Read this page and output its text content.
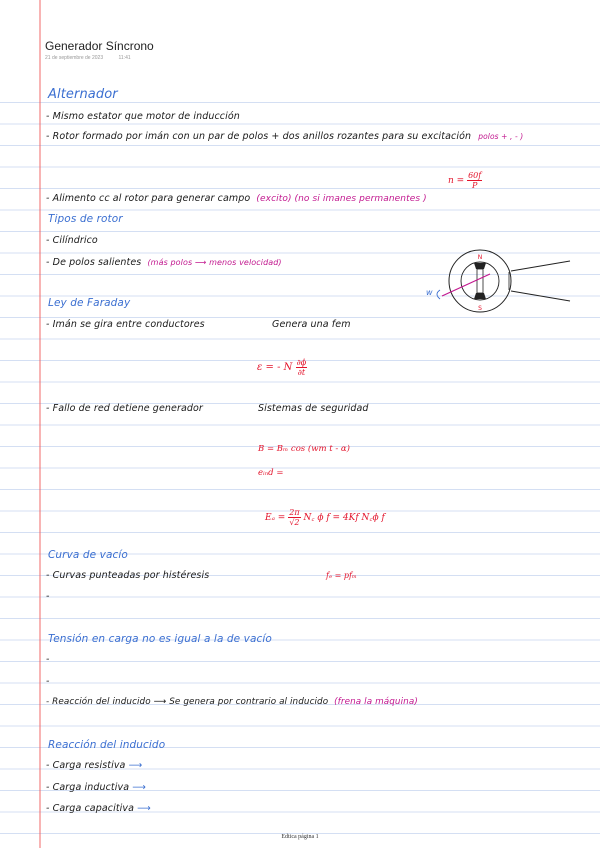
Generador Síncrono
21 de septiembre de 2023	11:41
Alternador
- Mismo estator que motor de inducción
- Rotor formado por imán con un par de polos + dos anillos rozantes para su excitación polos + , - )
$n = \frac{60f}{P}$
- Alimento cc al rotor para generar campo (excito) (no si imanes permanentes )
Tipos de rotor
- Cilíndrico
- De polos salientes (más polos ⟶ menos velocidad)
N
S
w
Ley de Faraday
- Imán se gira entre conductores	Genera una fem
ε = - N $\frac{\partial\phi}{\partial t}$
- Fallo de red detiene generador	Sistemas de seguridad
B = Bₘ cos (wm t - α)
eᵢₙd =
$E_a = \frac{2\pi}{√2}$ N꜀ ϕ f = 4Kf N꜀ϕ f
Curva de vacío
- Curvas punteadas por histéresis	fₑ = pfₘ
-
Tensión en carga no es igual a la de vacío
-
-
- Reacción del inducido ⟶ Se genera por contrario al inducido (frena la máquina)
Reacción del inducido
- Carga resistiva ⟶
- Carga inductiva ⟶
- Carga capacitiva ⟶
Edtica página 1
